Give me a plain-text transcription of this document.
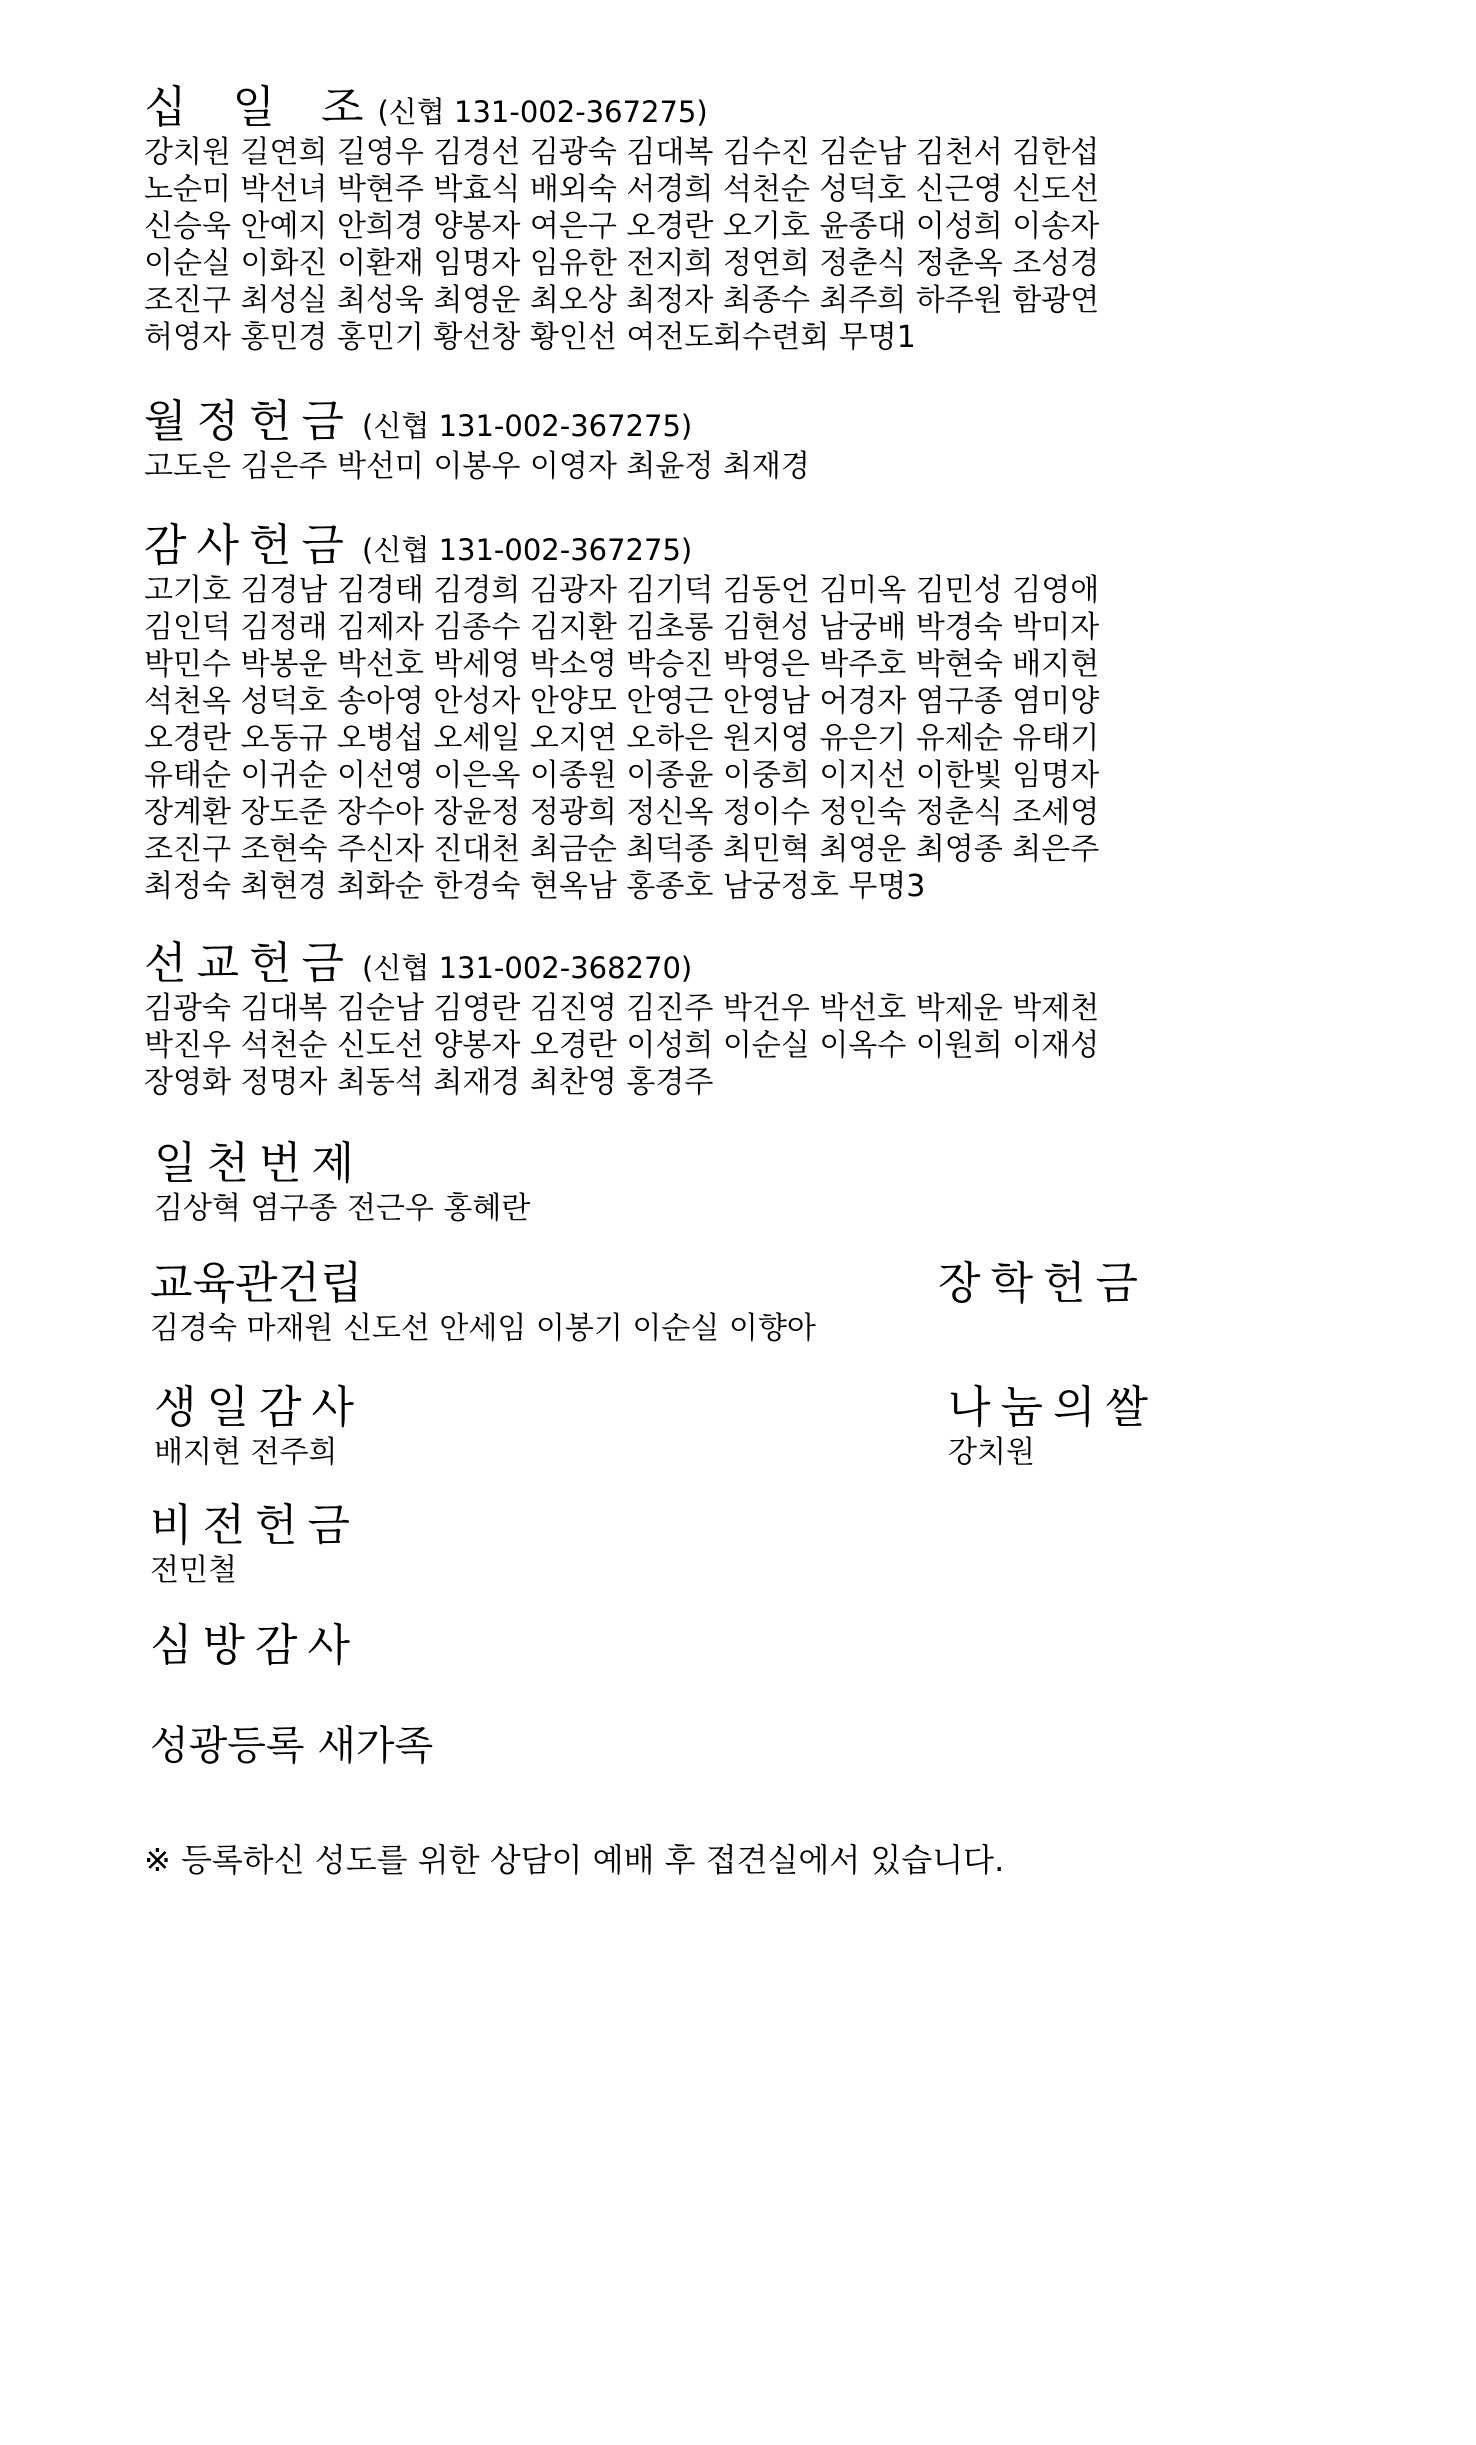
십  일  조 (신협 131-002-367275)
강치원 길연희 길영우 김경선 김광숙 김대복 김수진 김순남 김천서 김한섭
노순미 박선녀 박현주 박효식 배외숙 서경희 석천순 성덕호 신근영 신도선
신승욱 안예지 안희경 양봉자 여은구 오경란 오기호 윤종대 이성희 이송자
이순실 이화진 이환재 임명자 임유한 전지희 정연희 정춘식 정춘옥 조성경
조진구 최성실 최성욱 최영운 최오상 최정자 최종수 최주희 하주원 함광연
허영자 홍민경 홍민기 황선창 황인선 여전도회수련회 무명1
월정헌금 (신협 131-002-367275)
고도은 김은주 박선미 이봉우 이영자 최윤정 최재경
감사헌금 (신협 131-002-367275)
고기호 김경남 김경태 김경희 김광자 김기덕 김동언 김미옥 김민성 김영애
김인덕 김정래 김제자 김종수 김지환 김초롱 김현성 남궁배 박경숙 박미자
박민수 박봉운 박선호 박세영 박소영 박승진 박영은 박주호 박현숙 배지현
석천옥 성덕호 송아영 안성자 안양모 안영근 안영남 어경자 염구종 염미양
오경란 오동규 오병섭 오세일 오지연 오하은 원지영 유은기 유제순 유태기
유태순 이귀순 이선영 이은옥 이종원 이종윤 이중희 이지선 이한빛 임명자
장계환 장도준 장수아 장윤정 정광희 정신옥 정이수 정인숙 정춘식 조세영
조진구 조현숙 주신자 진대천 최금순 최덕종 최민혁 최영운 최영종 최은주
최정숙 최현경 최화순 한경숙 현옥남 홍종호 남궁정호 무명3
선교헌금 (신협 131-002-368270)
김광숙 김대복 김순남 김영란 김진영 김진주 박건우 박선호 박제운 박제천
박진우 석천순 신도선 양봉자 오경란 이성희 이순실 이옥수 이원희 이재성
장영화 정명자 최동석 최재경 최찬영 홍경주
일천번제
김상혁 염구종 전근우 홍혜란
교육관건립
김경숙 마재원 신도선 안세임 이봉기 이순실 이향아
장학헌금
생일감사
배지현 전주희
나눔의쌀
강치원
비전헌금
전민철
심방감사
성광등록 새가족
※ 등록하신 성도를 위한 상담이 예배 후 접견실에서 있습니다.
